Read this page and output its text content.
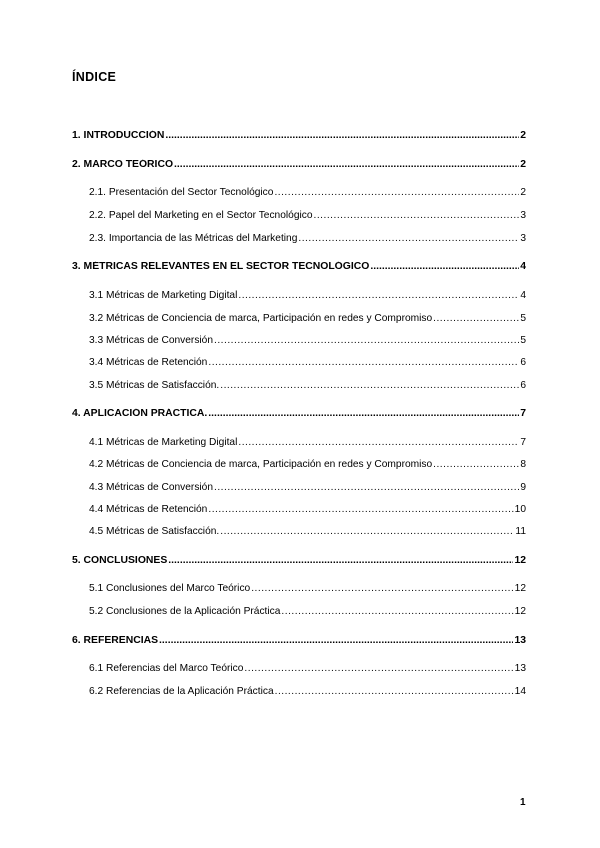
ÍNDICE
1. INTRODUCCIÓN .....	2
2. MARCO TEÓRICO .....	2
2.1. Presentación del Sector Tecnológico .....	2
2.2. Papel del Marketing en el Sector Tecnológico .....	3
2.3. Importancia de las Métricas del Marketing .....	3
3. MÉTRICAS RELEVANTES EN EL SECTOR TECNOLÓGICO .....	4
3.1 Métricas de Marketing Digital .....	4
3.2 Métricas de Conciencia de marca, Participación en redes y Compromiso .....	5
3.3 Métricas de Conversión .....	5
3.4 Métricas de Retención .....	6
3.5 Métricas de Satisfacción. .....	6
4. APLICACIÓN PRÁCTICA. .....	7
4.1 Métricas de Marketing Digital .....	7
4.2 Métricas de Conciencia de marca, Participación en redes y Compromiso .....	8
4.3 Métricas de Conversión .....	9
4.4 Métricas de Retención .....	10
4.5 Métricas de Satisfacción. .....	11
5. CONCLUSIONES .....	12
5.1 Conclusiones del Marco Teórico .....	12
5.2 Conclusiones de la Aplicación Práctica .....	12
6. REFERENCIAS .....	13
6.1 Referencias del Marco Teórico .....	13
6.2 Referencias de la Aplicación Práctica .....	14
1
